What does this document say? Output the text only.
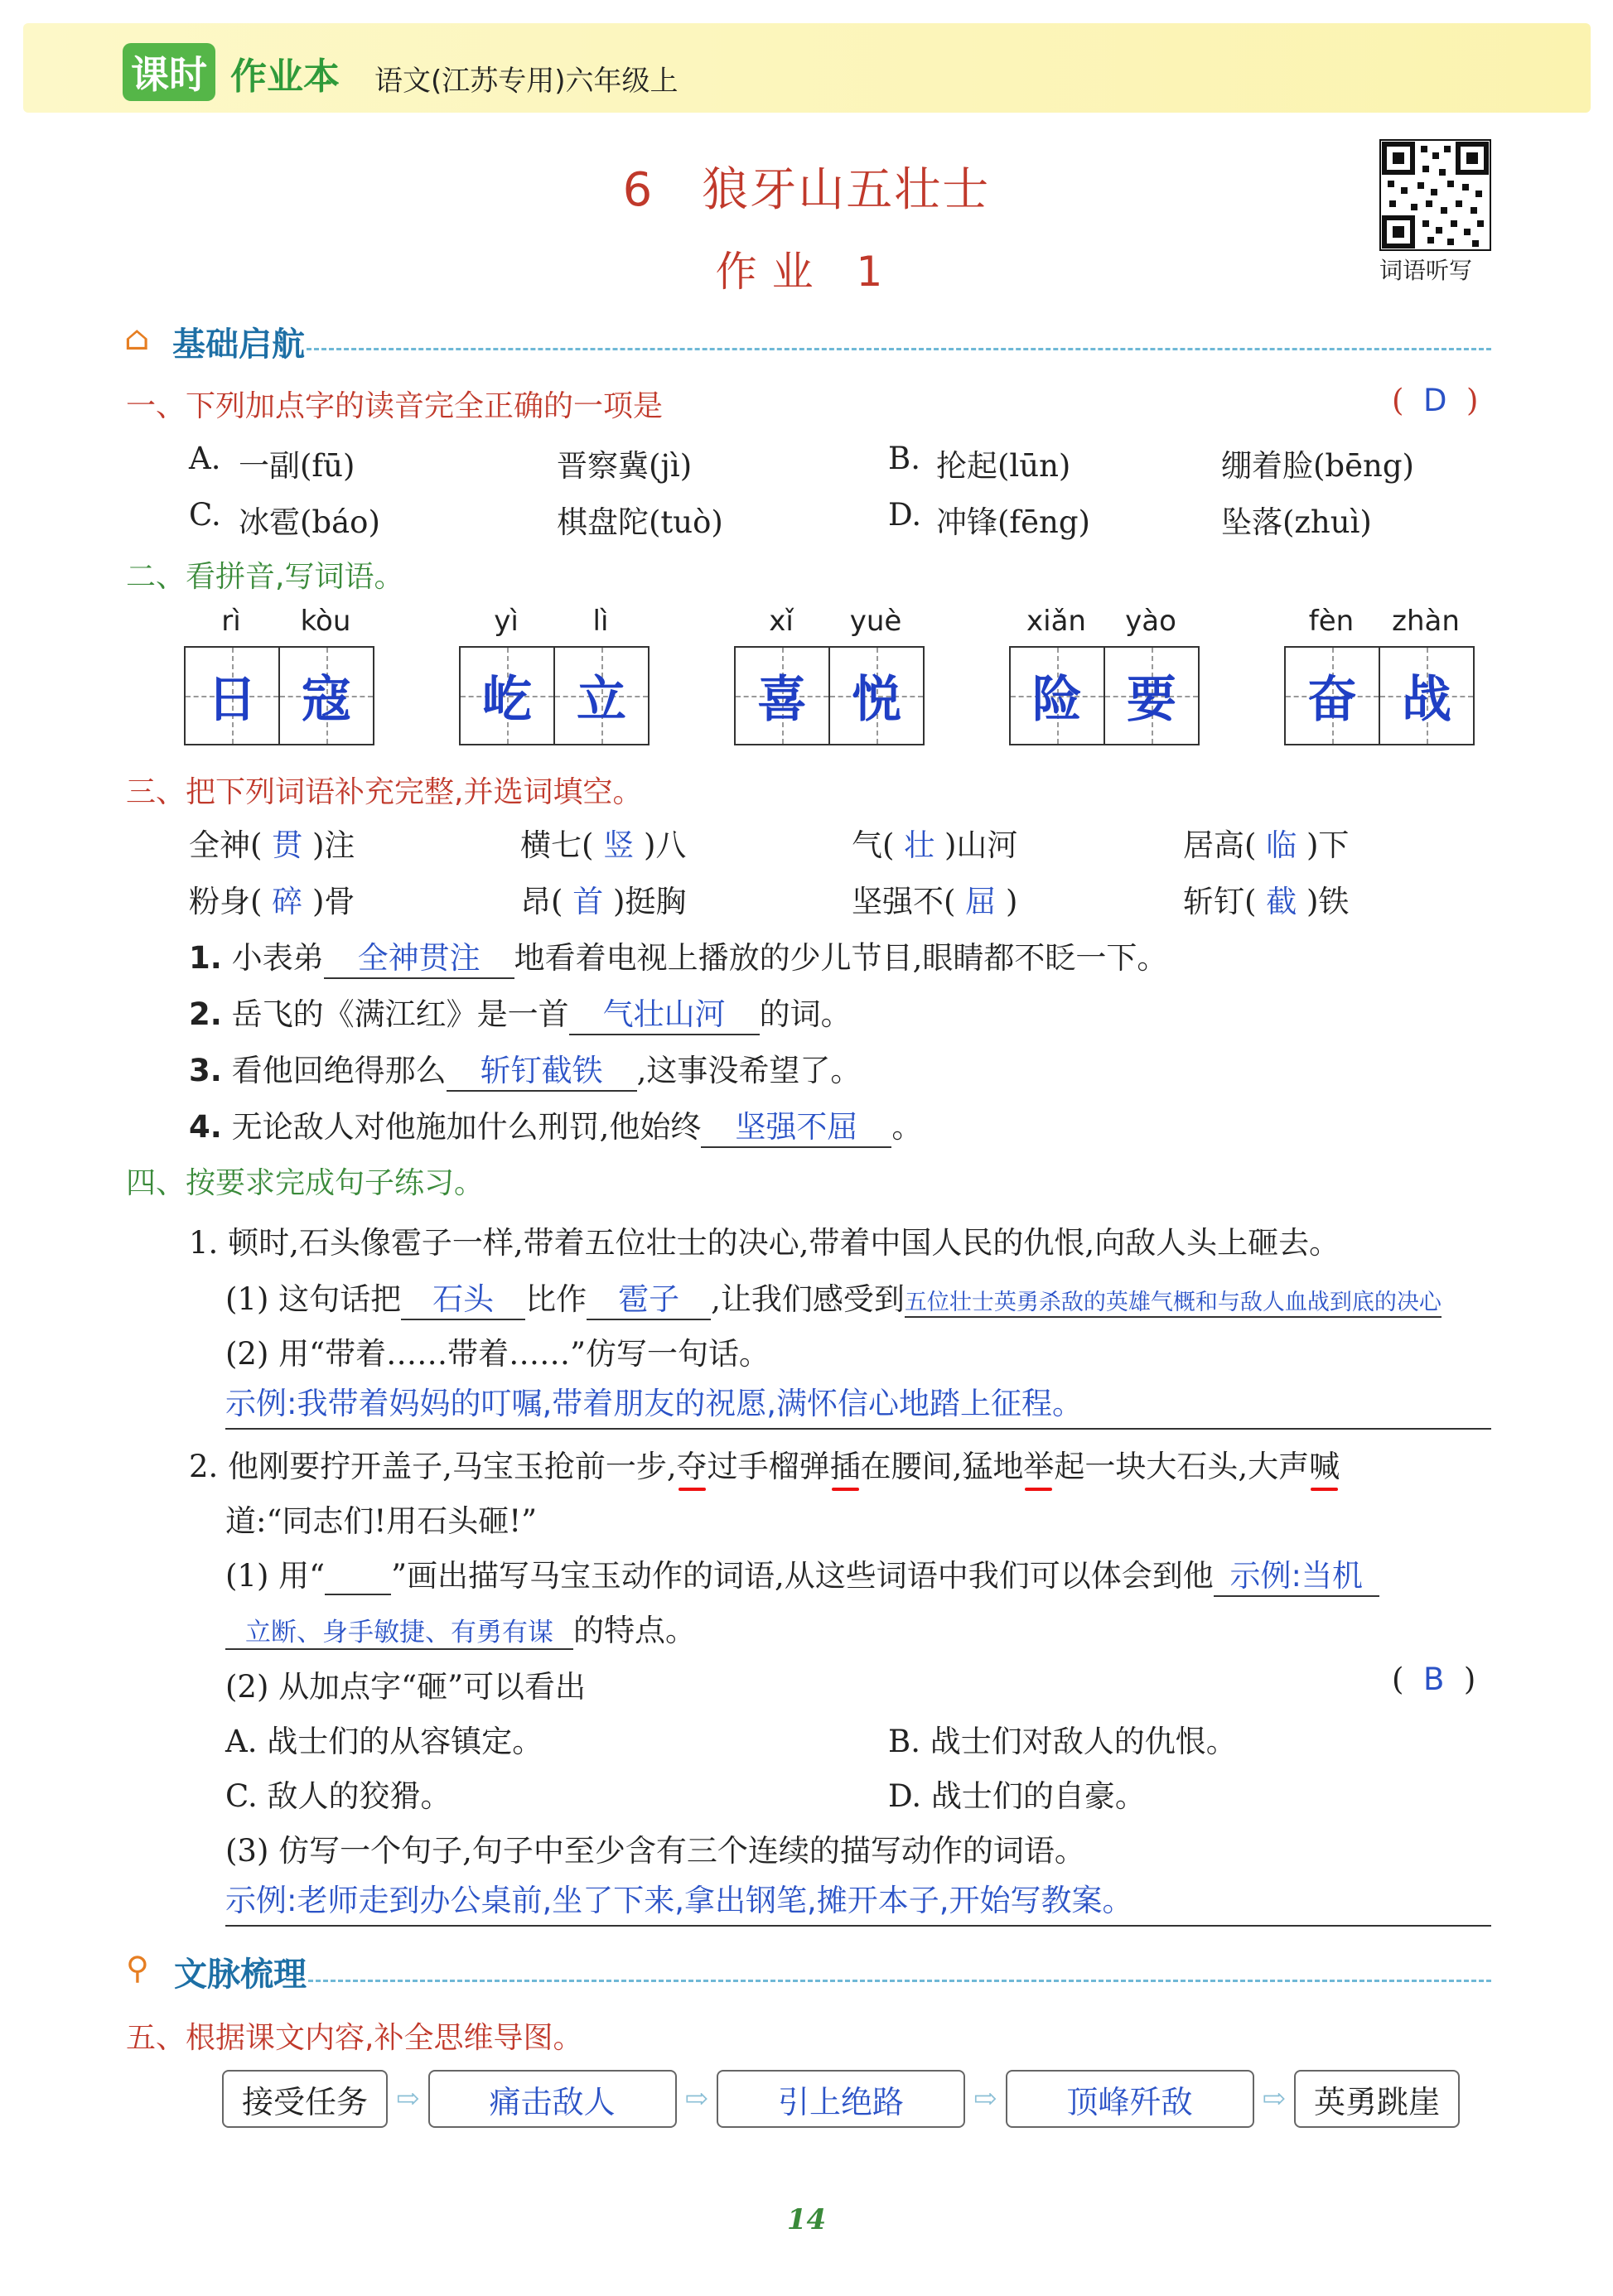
课时 作业本 语文(江苏专用)六年级上
6　狼牙山五壮士
作业 1	词语听写
⌂ 基础启航
一、下列加点字的读音完全正确的一项是	( D )
A. 一副(fū)	晋察冀(jì)	B. 抡起(lūn)	绷着脸(bēng)
C. 冰雹(báo)	棋盘陀(tuò)	D. 冲锋(fēng)	坠落(zhuì)
二、看拼音,写词语。
rì	kòu
日 寇
yì	lì
屹 立
xǐ	yuè
喜 悦
xiǎn	yào
险 要
fèn	zhàn
奋 战
三、把下列词语补充完整,并选词填空。
全神( 贯 )注	横七( 竖 )八	气( 壮 )山河	居高( 临 )下
粉身( 碎 )骨	昂( 首 )挺胸	坚强不( 屈 )	斩钉( 截 )铁
1. 小表弟 全神贯注 地看着电视上播放的少儿节目,眼睛都不眨一下。
2. 岳飞的《满江红》是一首 气壮山河 的词。
3. 看他回绝得那么 斩钉截铁 ,这事没希望了。
4. 无论敌人对他施加什么刑罚,他始终 坚强不屈 。
四、按要求完成句子练习。
1. 顿时,石头像雹子一样,带着五位壮士的决心,带着中国人民的仇恨,向敌人头上砸去。
(1) 这句话把 石头 比作 雹子 ,让我们感受到五位壮士英勇杀敌的英雄气概和与敌人血战到底的决心
(2) 用“带着……带着……”仿写一句话。
示例:我带着妈妈的叮嘱,带着朋友的祝愿,满怀信心地踏上征程。
2. 他刚要拧开盖子,马宝玉抢前一步,夺过手榴弹插在腰间,猛地举起一块大石头,大声喊
道:“同志们!用石头砸!”
(1) 用“ ”画出描写马宝玉动作的词语,从这些词语中我们可以体会到他 示例:当机
立断、身手敏捷、有勇有谋 的特点。
(2) 从加点字“砸”可以看出	( B )
A. 战士们的从容镇定。	B. 战士们对敌人的仇恨。
C. 敌人的狡猾。	D. 战士们的自豪。
(3) 仿写一个句子,句子中至少含有三个连续的描写动作的词语。
示例:老师走到办公桌前,坐了下来,拿出钢笔,摊开本子,开始写教案。
⚲ 文脉梳理
五、根据课文内容,补全思维导图。
接受任务	⇨	痛击敌人	⇨	引上绝路	⇨	顶峰歼敌	⇨ 英勇跳崖
14
